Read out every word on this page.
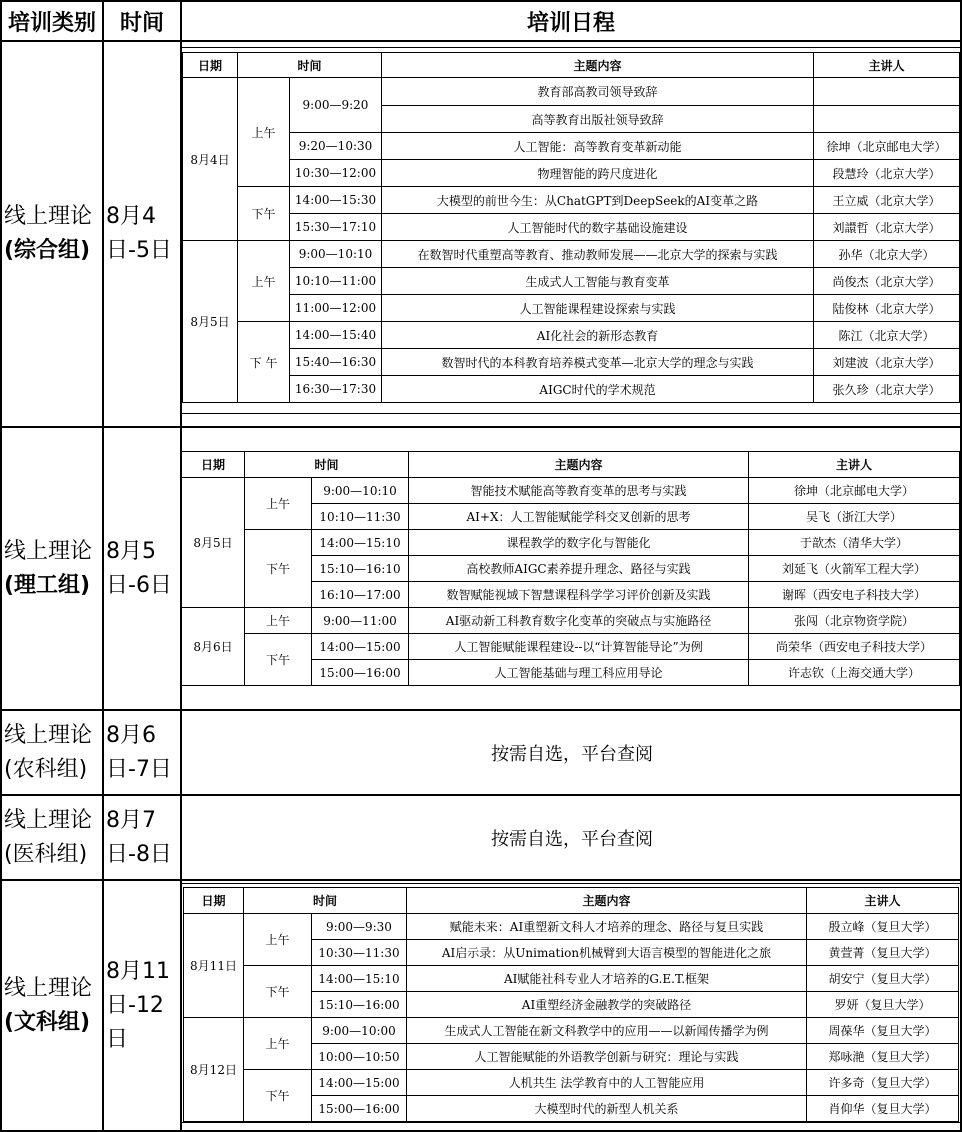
培训类别	时间	培训日程
线上理论
(综合组)
8月4
日-5日
日期	时间		主题内容	主讲人
8月4日	上午	9:00—9:20	教育部高教司领导致辞	
			高等教育出版社领导致辞	
		9:20—10:30	人工智能：高等教育变革新动能	徐坤（北京邮电大学）
		10:30—12:00	物理智能的跨尺度进化	段慧玲（北京大学）
	下午	14:00—15:30	大模型的前世今生：从ChatGPT到DeepSeek的AI变革之路	王立威（北京大学）
		15:30—17:10	人工智能时代的数字基础设施建设	刘譞哲（北京大学）
8月5日	上午	9:00—10:10	在数智时代重塑高等教育、推动教师发展——北京大学的探索与实践	孙华（北京大学）
		10:10—11:00	生成式人工智能与教育变革	尚俊杰（北京大学）
		11:00—12:00	人工智能课程建设探索与实践	陆俊林（北京大学）
	下 午	14:00—15:40	AI化社会的新形态教育	陈江（北京大学）
		15:40—16:30	数智时代的本科教育培养模式变革—北京大学的理念与实践	刘建波（北京大学）
		16:30—17:30	AIGC时代的学术规范	张久珍（北京大学）
线上理论
(理工组)
8月5
日-6日
日期	时间		主题内容	主讲人
8月5日	上午	9:00—10:10	智能技术赋能高等教育变革的思考与实践	徐坤（北京邮电大学）
		10:10—11:30	AI+X：人工智能赋能学科交叉创新的思考	吴飞（浙江大学）
	下午	14:00—15:10	课程教学的数字化与智能化	于歆杰（清华大学）
		15:10—16:10	高校教师AIGC素养提升理念、路径与实践	刘延飞（火箭军工程大学）
		16:10—17:00	数智赋能视域下智慧课程科学学习评价创新及实践	谢晖（西安电子科技大学）
8月6日	上午	9:00—11:00	AI驱动新工科教育数字化变革的突破点与实施路径	张闯（北京物资学院）
	下午	14:00—15:00	人工智能赋能课程建设--以“计算智能导论”为例	尚荣华（西安电子科技大学）
		15:00—16:00	人工智能基础与理工科应用导论	许志钦（上海交通大学）
线上理论
(农科组)
8月6
日-7日
按需自选，平台查阅
线上理论
(医科组)
8月7
日-8日
按需自选，平台查阅
线上理论
(文科组)
8月11
日-12
日
日期	时间		主题内容	主讲人
8月11日	上午	9:00—9:30	赋能未来：AI重塑新文科人才培养的理念、路径与复旦实践	殷立峰（复旦大学）
		10:30—11:30	AI启示录：从Unimation机械臂到大语言模型的智能进化之旅	黄萱菁（复旦大学）
	下午	14:00—15:10	AI赋能社科专业人才培养的G.E.T.框架	胡安宁（复旦大学）
		15:10—16:00	AI重塑经济金融教学的突破路径	罗妍（复旦大学）
8月12日	上午	9:00—10:00	生成式人工智能在新文科教学中的应用——以新闻传播学为例	周葆华（复旦大学）
		10:00—10:50	人工智能赋能的外语教学创新与研究：理论与实践	郑咏滟（复旦大学）
	下午	14:00—15:00	人机共生 法学教育中的人工智能应用	许多奇（复旦大学）
		15:00—16:00	大模型时代的新型人机关系	肖仰华（复旦大学）
